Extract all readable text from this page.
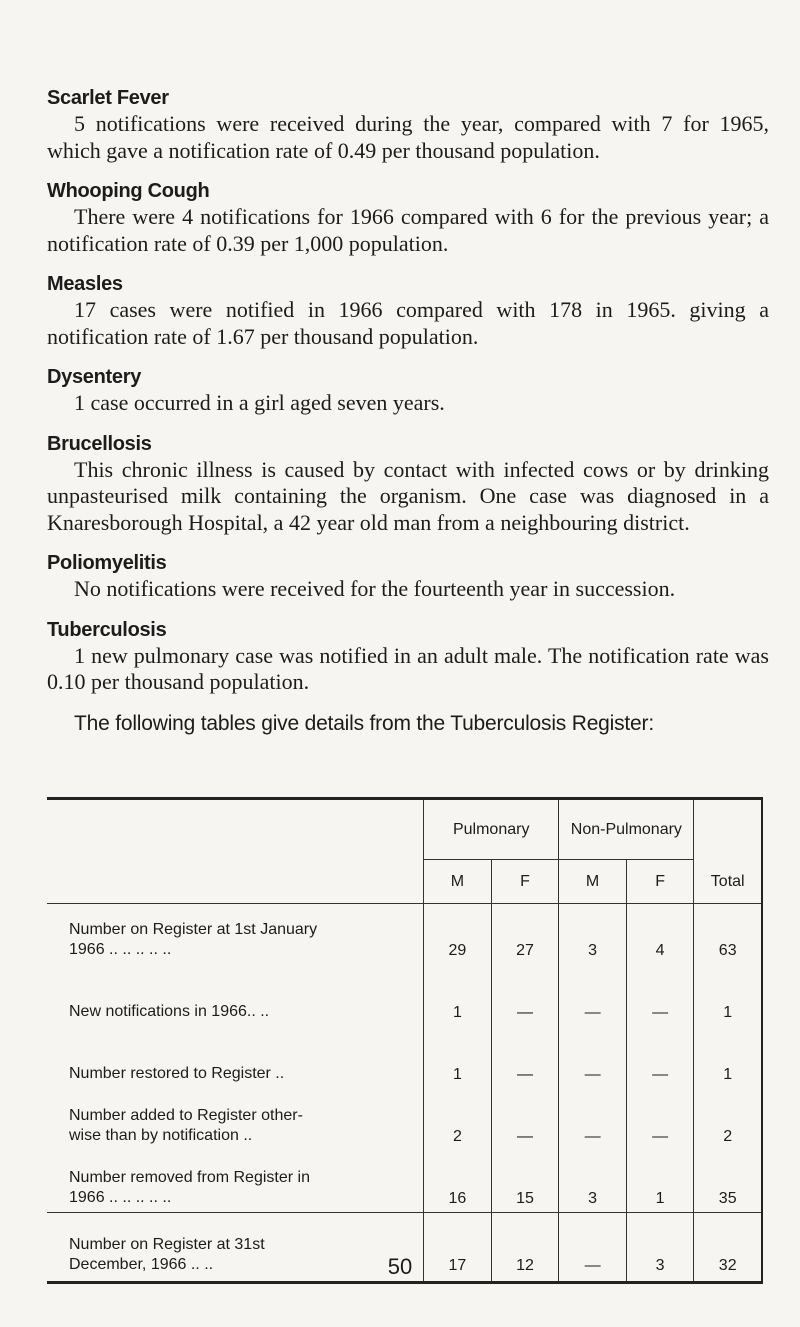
Scarlet Fever
5 notifications were received during the year, compared with 7 for 1965, which gave a notification rate of 0.49 per thousand population.
Whooping Cough
There were 4 notifications for 1966 compared with 6 for the previous year; a notification rate of 0.39 per 1,000 population.
Measles
17 cases were notified in 1966 compared with 178 in 1965. giving a notification rate of 1.67 per thousand population.
Dysentery
1 case occurred in a girl aged seven years.
Brucellosis
This chronic illness is caused by contact with infected cows or by drinking unpasteurised milk containing the organism. One case was diagnosed in a Knaresborough Hospital, a 42 year old man from a neighbouring district.
Poliomyelitis
No notifications were received for the fourteenth year in succession.
Tuberculosis
1 new pulmonary case was notified in an adult male. The notification rate was 0.10 per thousand population.
The following tables give details from the Tuberculosis Register:
	Pulmonary		Non-Pulmonary		Total
	M	F	M	F	

Number on Register at 1st January
1966 .. .. .. .. ..	29	27	3	4	63

New notifications in 1966.. ..	1	—	—	—	1

Number restored to Register ..	1	—	—	—	1

Number added to Register other-
wise than by notification ..	2	—	—	—	2

Number removed from Register in
1966 .. .. .. .. ..	16	15	3	1	35

Number on Register at 31st
December, 1966 .. ..	17	12	—	3	32
50
